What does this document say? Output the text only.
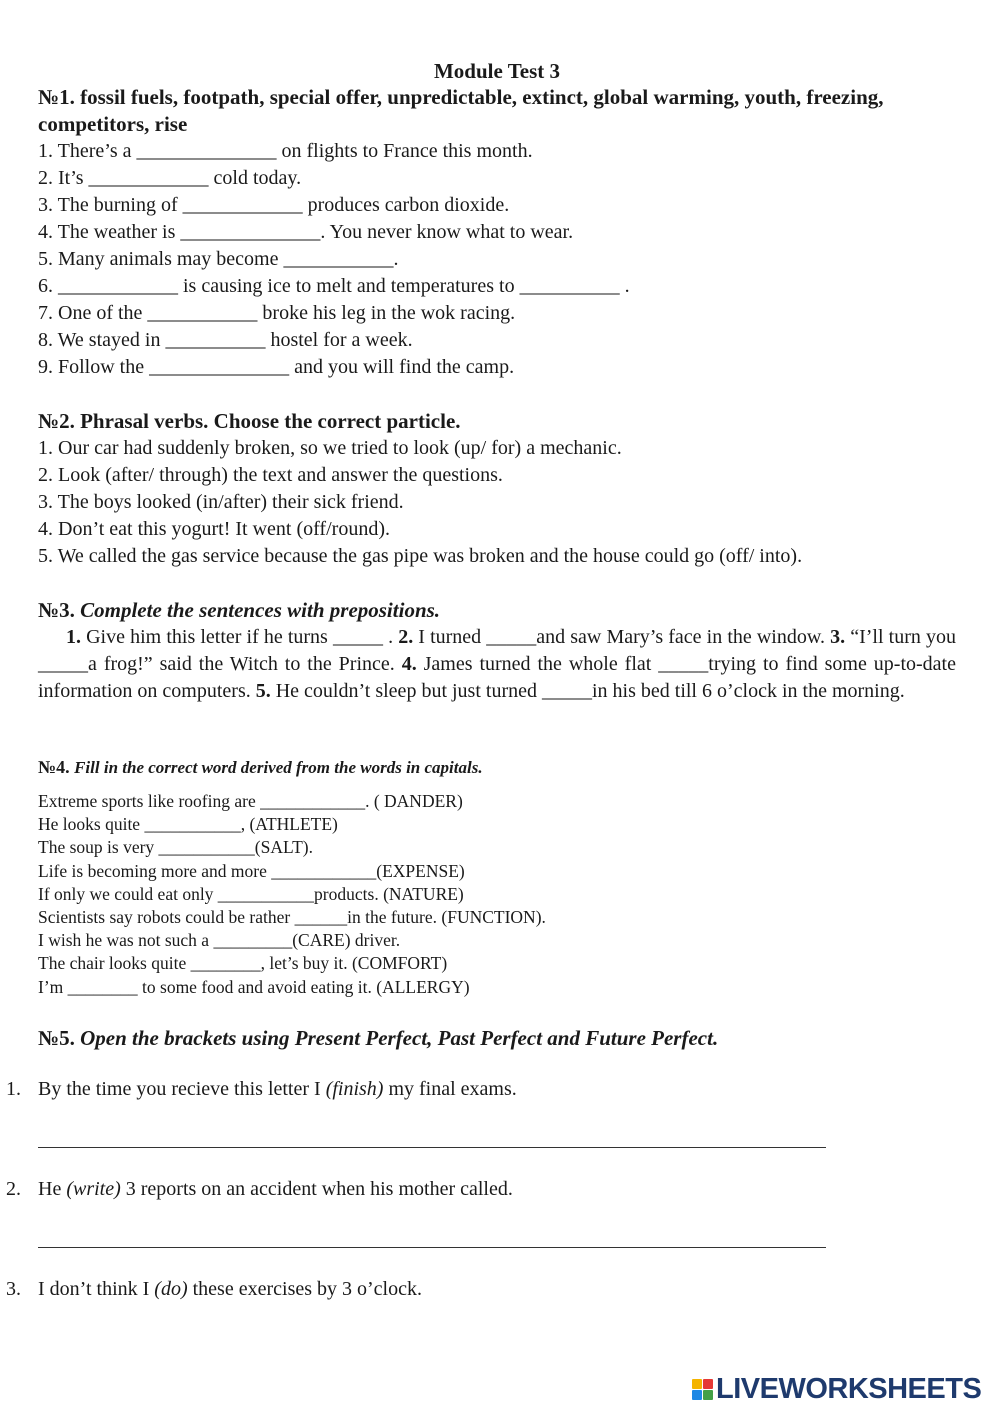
Module Test 3
№1. fossil fuels, footpath, special offer, unpredictable, extinct, global warming, youth, freezing,
competitors, rise
1. There’s a ______________ on flights to France this month.
2. It’s ____________ cold today.
3. The burning of ____________ produces carbon dioxide.
4. The weather is ______________. You never know what to wear.
5. Many animals may become ___________.
6. ____________ is causing ice to melt and temperatures to __________ .
7. One of the ___________ broke his leg in the wok racing.
8. We stayed in __________ hostel for a week.
9. Follow the ______________ and you will find the camp.
№2. Phrasal verbs. Choose the correct particle.
1. Our car had suddenly broken, so we tried to look (up/ for) a mechanic.
2. Look (after/ through) the text and answer the questions.
3. The boys looked (in/after) their sick friend.
4. Don’t eat this yogurt! It went (off/round).
5. We called the gas service because the gas pipe was broken and the house could go (off/ into).
№3. Complete the sentences with prepositions.
1. Give him this letter if he turns _____ . 2. I turned _____and saw Mary’s face in the window. 3. “I’ll turn you _____a frog!” said the Witch to the Prince. 4. James turned the whole flat _____trying to find some up-to-date information on computers. 5. He couldn’t sleep but just turned _____in his bed till 6 o’clock in the morning.
№4. Fill in the correct word derived from the words in capitals.
Extreme sports like roofing are ____________. ( DANDER)
He looks quite ___________, (ATHLETE)
The soup is very ___________(SALT).
Life is becoming more and more ____________(EXPENSE)
If only we could eat only ___________products. (NATURE)
Scientists say robots could be rather ______in the future. (FUNCTION).
I wish he was not such a _________(CARE) driver.
The chair looks quite ________, let’s buy it. (COMFORT)
I’m ________ to some food and avoid eating it. (ALLERGY)
№5. Open the brackets using Present Perfect, Past Perfect and Future Perfect.
1. By the time you recieve this letter I (finish) my final exams.
2. He (write) 3 reports on an accident when his mother called.
3. I don’t think I (do) these exercises by 3 o’clock.
LIVEWORKSHEETS
